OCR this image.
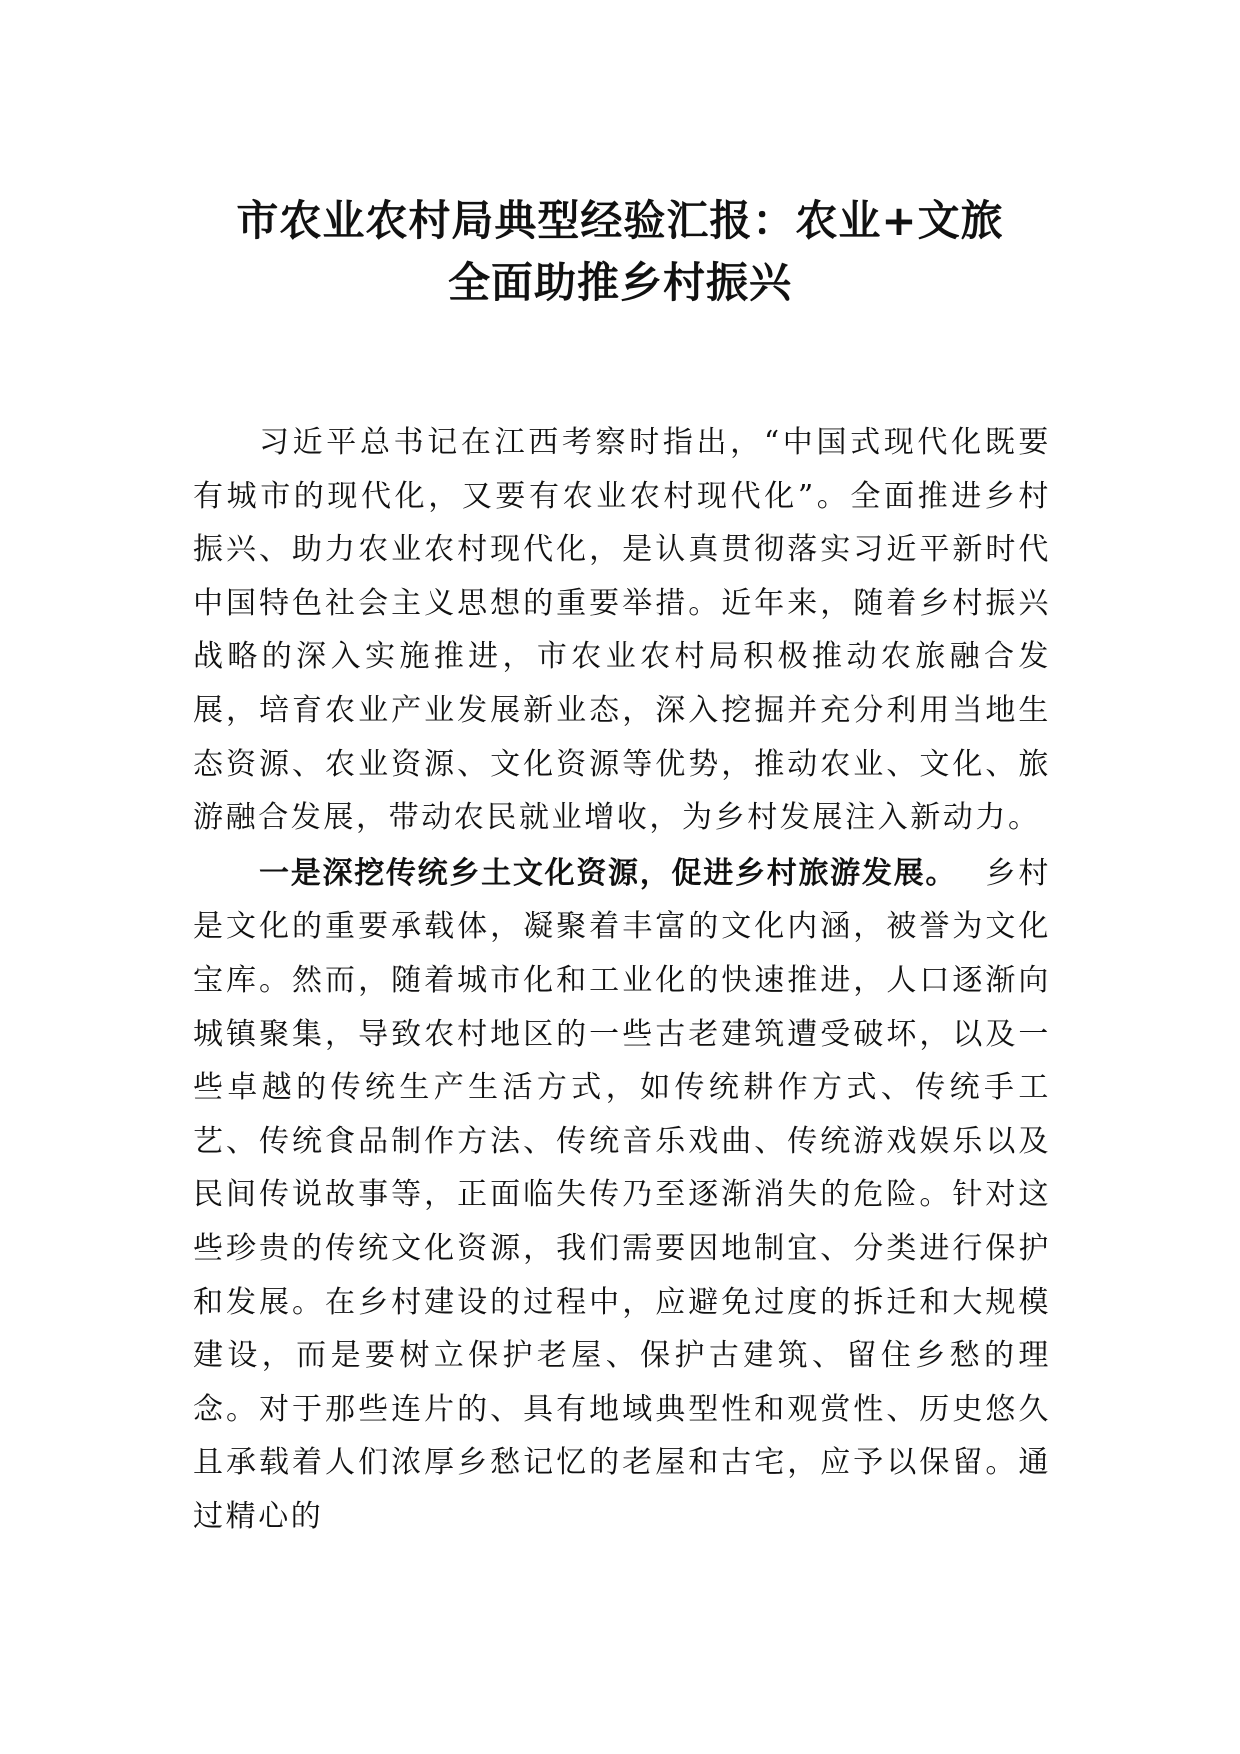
市农业农村局典型经验汇报：农业+文旅
全面助推乡村振兴

习近平总书记在江西考察时指出，“中国式现代化既要有城市的现代化，又要有农业农村现代化”。全面推进乡村振兴、助力农业农村现代化，是认真贯彻落实习近平新时代中国特色社会主义思想的重要举措。近年来，随着乡村振兴战略的深入实施推进，市农业农村局积极推动农旅融合发展，培育农业产业发展新业态，深入挖掘并充分利用当地生态资源、农业资源、文化资源等优势，推动农业、文化、旅游融合发展，带动农民就业增收，为乡村发展注入新动力。

一是深挖传统乡土文化资源，促进乡村旅游发展。 乡村是文化的重要承载体，凝聚着丰富的文化内涵，被誉为文化宝库。然而，随着城市化和工业化的快速推进，人口逐渐向城镇聚集，导致农村地区的一些古老建筑遭受破坏，以及一些卓越的传统生产生活方式，如传统耕作方式、传统手工艺、传统食品制作方法、传统音乐戏曲、传统游戏娱乐以及民间传说故事等，正面临失传乃至逐渐消失的危险。针对这些珍贵的传统文化资源，我们需要因地制宜、分类进行保护和发展。在乡村建设的过程中，应避免过度的拆迁和大规模建设，而是要树立保护老屋、保护古建筑、留住乡愁的理念。对于那些连片的、具有地域典型性和观赏性、历史悠久且承载着人们浓厚乡愁记忆的老屋和古宅，应予以保留。通过精心的
